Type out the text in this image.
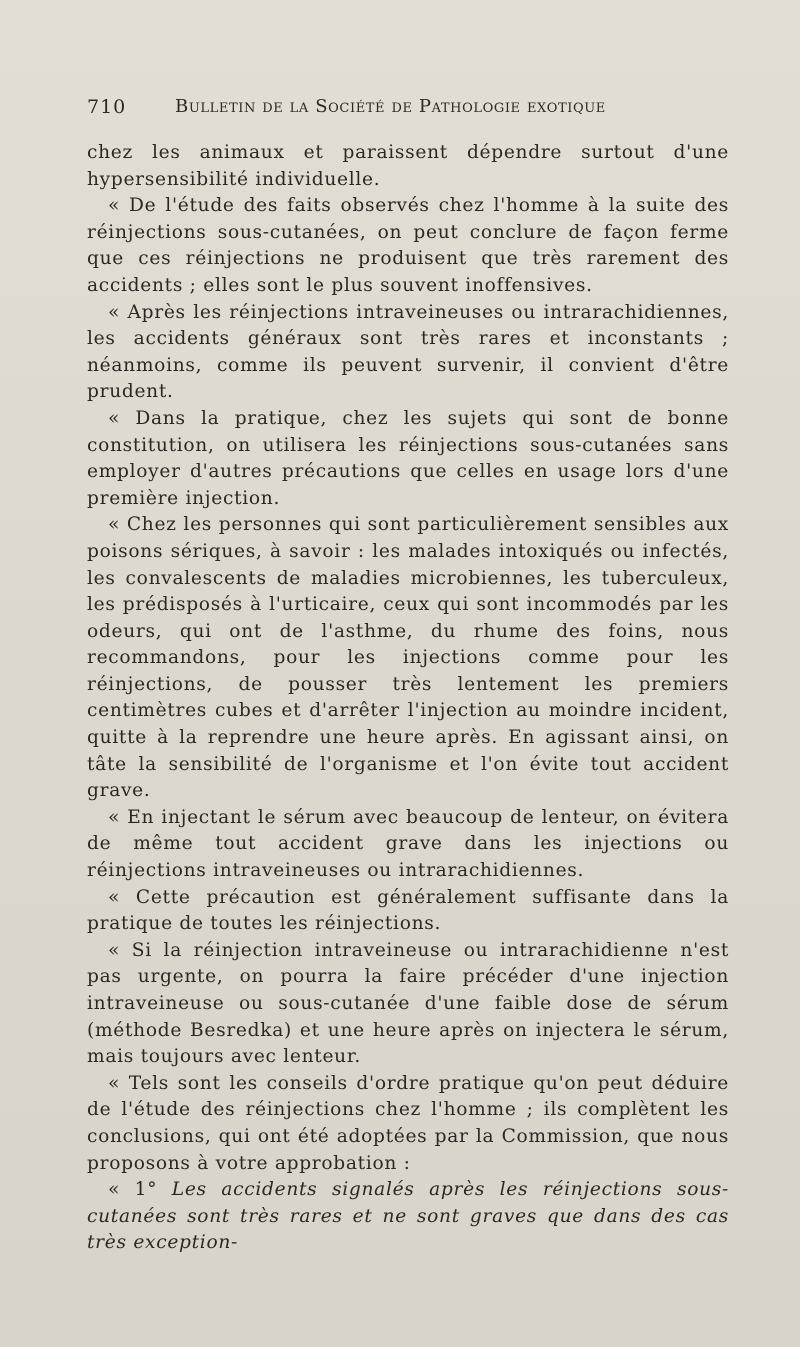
710	Bulletin de la Société de Pathologie exotique

chez les animaux et paraissent dépendre surtout d'une hypersensibilité individuelle.

« De l'étude des faits observés chez l'homme à la suite des réinjections sous-cutanées, on peut conclure de façon ferme que ces réinjections ne produisent que très rarement des accidents ; elles sont le plus souvent inoffensives.

« Après les réinjections intraveineuses ou intrarachidiennes, les accidents généraux sont très rares et inconstants ; néanmoins, comme ils peuvent survenir, il convient d'être prudent.

« Dans la pratique, chez les sujets qui sont de bonne constitution, on utilisera les réinjections sous-cutanées sans employer d'autres précautions que celles en usage lors d'une première injection.

« Chez les personnes qui sont particulièrement sensibles aux poisons sériques, à savoir : les malades intoxiqués ou infectés, les convalescents de maladies microbiennes, les tuberculeux, les prédisposés à l'urticaire, ceux qui sont incommodés par les odeurs, qui ont de l'asthme, du rhume des foins, nous recommandons, pour les injections comme pour les réinjections, de pousser très lentement les premiers centimètres cubes et d'arrêter l'injection au moindre incident, quitte à la reprendre une heure après. En agissant ainsi, on tâte la sensibilité de l'organisme et l'on évite tout accident grave.

« En injectant le sérum avec beaucoup de lenteur, on évitera de même tout accident grave dans les injections ou réinjections intraveineuses ou intrarachidiennes.

« Cette précaution est généralement suffisante dans la pratique de toutes les réinjections.

« Si la réinjection intraveineuse ou intrarachidienne n'est pas urgente, on pourra la faire précéder d'une injection intraveineuse ou sous-cutanée d'une faible dose de sérum (méthode Besredka) et une heure après on injectera le sérum, mais toujours avec lenteur.

« Tels sont les conseils d'ordre pratique qu'on peut déduire de l'étude des réinjections chez l'homme ; ils complètent les conclusions, qui ont été adoptées par la Commission, que nous proposons à votre approbation :

« 1° Les accidents signalés après les réinjections sous-cutanées sont très rares et ne sont graves que dans des cas très exception-
